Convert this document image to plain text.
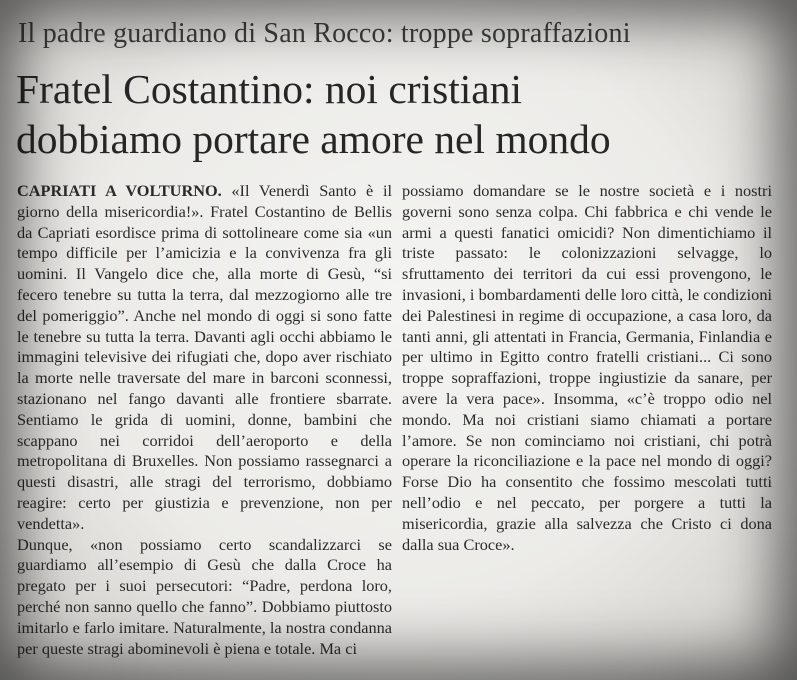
Il padre guardiano di San Rocco: troppe sopraffazioni
Fratel Costantino: noi cristiani
dobbiamo portare amore nel mondo

CAPRIATI A VOLTURNO. «Il Venerdì Santo è il giorno della misericordia!». Fratel Costantino de Bellis da Capriati esordisce prima di sottolineare come sia «un tempo difficile per l’amicizia e la convivenza fra gli uomini. Il Vangelo dice che, alla morte di Gesù, “si fecero tenebre su tutta la terra, dal mezzogiorno alle tre del pomeriggio”. Anche nel mondo di oggi si sono fatte le tenebre su tutta la terra. Davanti agli occhi abbiamo le immagini televisive dei rifugiati che, dopo aver rischiato la morte nelle traversate del mare in barconi sconnessi, stazionano nel fango davanti alle frontiere sbarrate. Sentiamo le grida di uomini, donne, bambini che scappano nei corridoi dell’aeroporto e della metropolitana di Bruxelles. Non possiamo rassegnarci a questi disastri, alle stragi del terrorismo, dobbiamo reagire: certo per giustizia e prevenzione, non per vendetta».

Dunque, «non possiamo certo scandalizzarci se guardiamo all’esempio di Gesù che dalla Croce ha pregato per i suoi persecutori: “Padre, perdona loro, perché non sanno quello che fanno”. Dobbiamo piuttosto imitarlo e farlo imitare. Naturalmente, la nostra condanna per queste stragi abominevoli è piena e totale. Ma ci

possiamo domandare se le nostre società e i nostri governi sono senza colpa. Chi fabbrica e chi vende le armi a questi fanatici omicidi? Non dimentichiamo il triste passato: le colonizzazioni selvagge, lo sfruttamento dei territori da cui essi provengono, le invasioni, i bombardamenti delle loro città, le condizioni dei Palestinesi in regime di occupazione, a casa loro, da tanti anni, gli attentati in Francia, Germania, Finlandia e per ultimo in Egitto contro fratelli cristiani... Ci sono troppe sopraffazioni, troppe ingiustizie da sanare, per avere la vera pace». Insomma, «c’è troppo odio nel mondo. Ma noi cristiani siamo chiamati a portare l’amore. Se non cominciamo noi cristiani, chi potrà operare la riconciliazione e la pace nel mondo di oggi? Forse Dio ha consentito che fossimo mescolati tutti nell’odio e nel peccato, per porgere a tutti la misericordia, grazie alla salvezza che Cristo ci dona dalla sua Croce».
